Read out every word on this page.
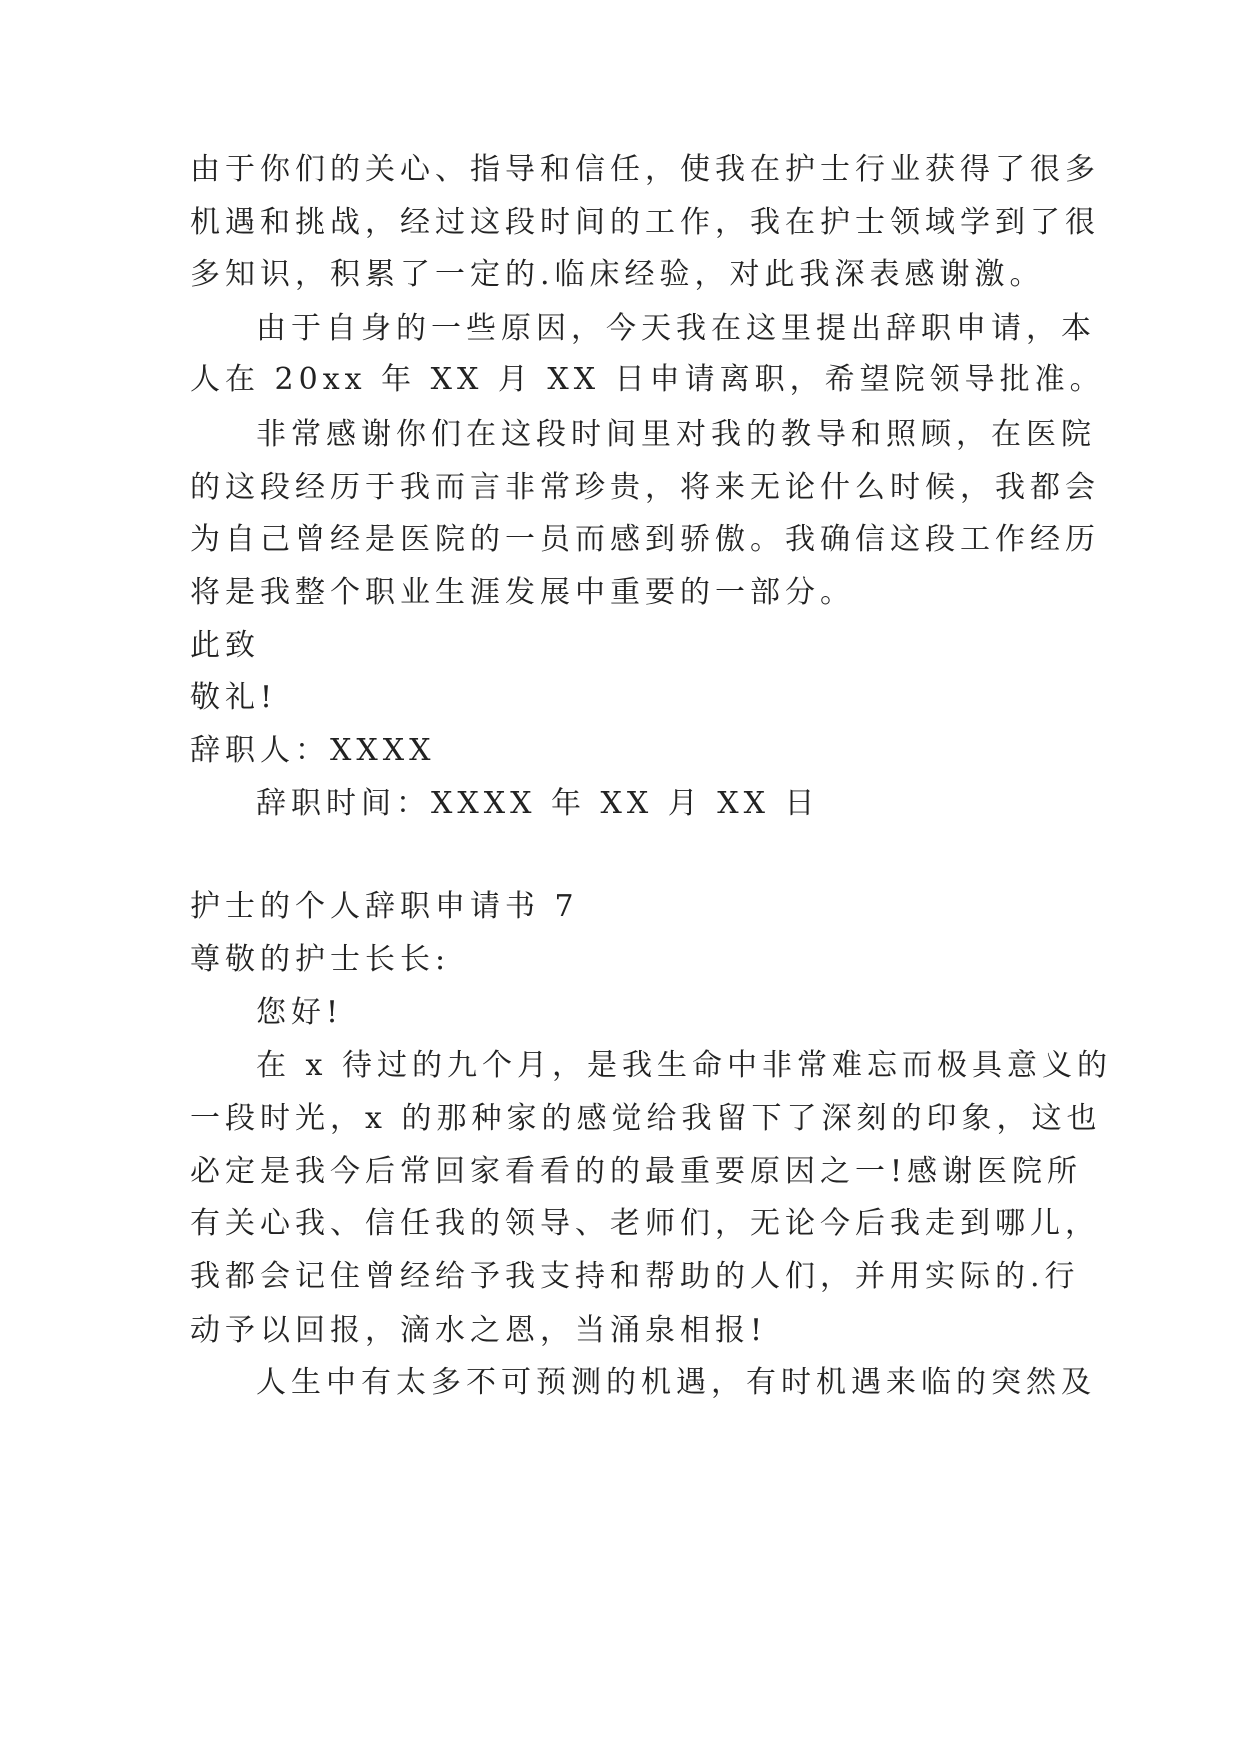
由于你们的关心、指导和信任，使我在护士行业获得了很多
机遇和挑战，经过这段时间的工作，我在护士领域学到了很
多知识，积累了一定的.临床经验，对此我深表感谢激。
由于自身的一些原因，今天我在这里提出辞职申请，本
人在 20xx 年 XX 月 XX 日申请离职，希望院领导批准。
非常感谢你们在这段时间里对我的教导和照顾，在医院
的这段经历于我而言非常珍贵，将来无论什么时候，我都会
为自己曾经是医院的一员而感到骄傲。我确信这段工作经历
将是我整个职业生涯发展中重要的一部分。
此致
敬礼!
辞职人：XXXX
辞职时间：XXXX 年 XX 月 XX 日
护士的个人辞职申请书 7
尊敬的护士长长:
您好!
在 x 待过的九个月，是我生命中非常难忘而极具意义的
一段时光，x 的那种家的感觉给我留下了深刻的印象，这也
必定是我今后常回家看看的的最重要原因之一!感谢医院所
有关心我、信任我的领导、老师们，无论今后我走到哪儿，
我都会记住曾经给予我支持和帮助的人们，并用实际的.行
动予以回报，滴水之恩，当涌泉相报!
人生中有太多不可预测的机遇，有时机遇来临的突然及
